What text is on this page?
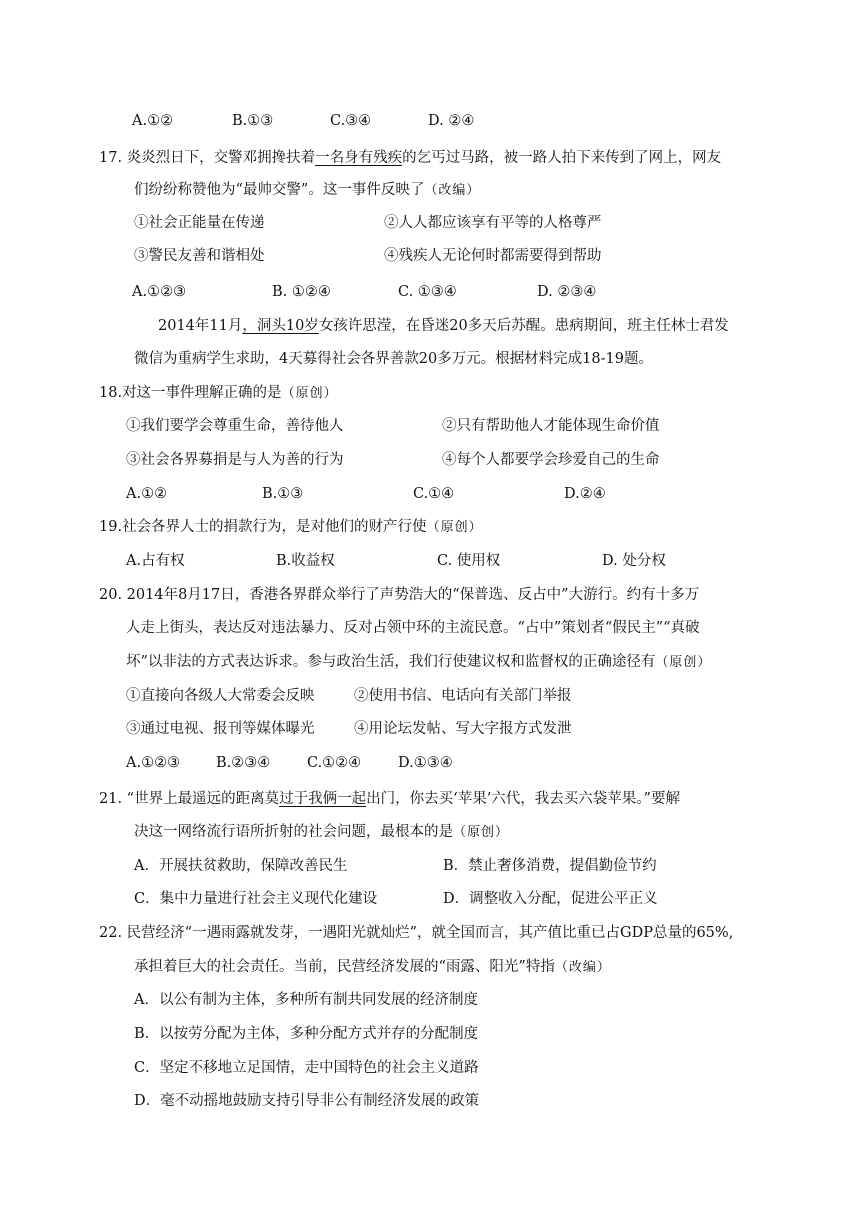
A.①②	B.①③	C.③④	D. ②④
17. 炎炎烈日下，交警邓拥搀扶着一名身有残疾的乞丐过马路，被一路人拍下来传到了网上，网友
们纷纷称赞他为“最帅交警”。这一事件反映了（改编）
①社会正能量在传递	②人人都应该享有平等的人格尊严
③警民友善和谐相处	④残疾人无论何时都需要得到帮助
A.①②③	B. ①②④	C. ①③④	D. ②③④
2014年11月，洞头10岁女孩许思滢，在昏迷20多天后苏醒。患病期间，班主任林士君发
微信为重病学生求助，4天募得社会各界善款20多万元。根据材料完成18-19题。
18.对这一事件理解正确的是（原创）
①我们要学会尊重生命，善待他人	②只有帮助他人才能体现生命价值
③社会各界募捐是与人为善的行为	④每个人都要学会珍爱自己的生命
A.①②	B.①③	C.①④	D.②④
19.社会各界人士的捐款行为，是对他们的财产行使（原创）
A.占有权	B.收益权	C. 使用权	D. 处分权
20. 2014年8月17日，香港各界群众举行了声势浩大的“保普选、反占中”大游行。约有十多万
人走上街头，表达反对违法暴力、反对占领中环的主流民意。“占中”策划者“假民主”“真破
坏”以非法的方式表达诉求。参与政治生活，我们行使建议权和监督权的正确途径有（原创）
①直接向各级人大常委会反映	②使用书信、电话向有关部门举报
③通过电视、报刊等媒体曝光	④用论坛发帖、写大字报方式发泄
A.①②③ B.②③④	C.①②④	D.①③④
21. “世界上最遥远的距离莫过于我俩一起出门，你去买‘苹果’六代，我去买六袋苹果。”要解
决这一网络流行语所折射的社会问题，最根本的是（原创）
A．开展扶贫救助，保障改善民生	B．禁止奢侈消费，提倡勤俭节约
C．集中力量进行社会主义现代化建设	D．调整收入分配，促进公平正义
22. 民营经济“一遇雨露就发芽，一遇阳光就灿烂”，就全国而言，其产值比重已占GDP总量的65%,
承担着巨大的社会责任。当前，民营经济发展的“雨露、阳光”特指（改编）
A．以公有制为主体，多种所有制共同发展的经济制度
B．以按劳分配为主体，多种分配方式并存的分配制度
C．坚定不移地立足国情，走中国特色的社会主义道路
D．毫不动摇地鼓励支持引导非公有制经济发展的政策
